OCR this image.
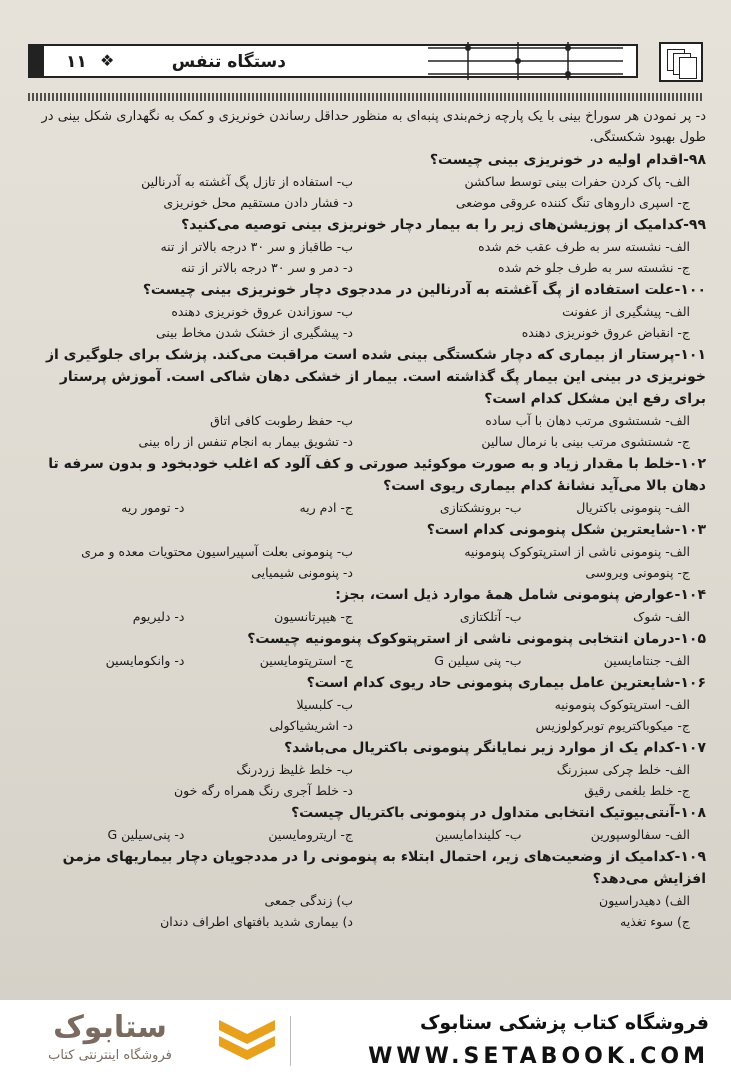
۱۱ ❖	دستگاه تنفس

د- پر نمودن هر سوراخ بینی با یک پارچه زخم‌بندی پنبه‌ای به منظور حداقل رساندن خونریزی و کمک به نگهداری شکل بینی در طول بهبود شکستگی.

۹۸-اقدام اولیه در خونریزی بینی چیست؟

الف- پاک کردن حفرات بینی توسط ساکشن
ب- استفاده از تازل پگ آغشته به آدرنالین
ج- اسپری داروهای تنگ کننده عروقی موضعی
د- فشار دادن مستقیم محل خونریزی

۹۹-کدامیک از پوزیشن‌های زیر را به بیمار دچار خونریزی بینی توصیه می‌کنید؟

الف- نشسته سر به طرف عقب خم شده
ب- طاقباز و سر ۳۰ درجه بالاتر از تنه
ج- نشسته سر به طرف جلو خم شده
د- دمر و سر ۳۰ درجه بالاتر از تنه

۱۰۰-علت استفاده از پگ آغشته به آدرنالین در مددجوی دچار خونریزی بینی چیست؟

الف- پیشگیری از عفونت
ب- سوزاندن عروق خونریزی دهنده
ج- انقباض عروق خونریزی دهنده
د- پیشگیری از خشک شدن مخاط بینی

۱۰۱-پرستار از بیماری که دچار شکستگی بینی شده است مراقبت می‌کند. پزشک برای جلوگیری از خونریزی در بینی این بیمار پگ گذاشته است. بیمار از خشکی دهان شاکی است. آموزش پرستار برای رفع این مشکل کدام است؟

الف- شستشوی مرتب دهان با آب ساده
ب- حفظ رطوبت کافی اتاق
ج- شستشوی مرتب بینی با نرمال سالین
د- تشویق بیمار به انجام تنفس از راه بینی

۱۰۲-خلط با مقدار زیاد و به صورت موکوئید صورتی و کف آلود که اغلب خودبخود و بدون سرفه تا دهان بالا می‌آید نشانهٔ کدام بیماری ریوی است؟

الف- پنومونی باکتریال
ب- برونشکتازی
ج- ادم ریه
د- تومور ریه

۱۰۳-شایعترین شکل پنومونی کدام است؟

الف- پنومونی ناشی از استرپتوکوک پنومونیه
ب- پنومونی بعلت آسپیراسیون محتویات معده و مری
ج- پنومونی ویروسی
د- پنومونی شیمیایی

۱۰۴-عوارض پنومونی شامل همهٔ موارد ذیل است، بجز:

الف- شوک
ب- آتلکتازی
ج- هیپرتانسیون
د- دلیریوم

۱۰۵-درمان انتخابی پنومونی ناشی از استرپتوکوک پنومونیه چیست؟

الف- جنتامایسین
ب- پنی سیلین G
ج- استرپتومایسین
د- وانکومایسین

۱۰۶-شایعترین عامل بیماری پنومونی حاد ریوی کدام است؟

الف- استرپتوکوک پنومونیه
ب- کلبسیلا
ج- میکوباکتریوم توبرکولوزیس
د- اشریشیاکولی

۱۰۷-کدام یک از موارد زیر نمایانگر پنومونی باکتریال می‌باشد؟

الف- خلط چرکی سبزرنگ
ب- خلط غلیظ زردرنگ
ج- خلط بلغمی رقیق
د- خلط آجری رنگ همراه رگه خون

۱۰۸-آنتی‌بیوتیک انتخابی متداول در پنومونی باکتریال چیست؟

الف- سفالوسپورین
ب- کلیندامایسین
ج- اریترومایسین
د- پنی‌سیلین G

۱۰۹-کدامیک از وضعیت‌های زیر، احتمال ابتلاء به پنومونی را در مددجویان دچار بیماریهای مزمن افزایش می‌دهد؟

الف) دهیدراسیون
ب) زندگی جمعی
ج) سوء تغذیه
د) بیماری شدید بافتهای اطراف دندان
ستابوک
فروشگاه اینترنتی کتاب
فروشگاه کتاب پزشکی ستابوک
WWW.SETABOOK.COM
